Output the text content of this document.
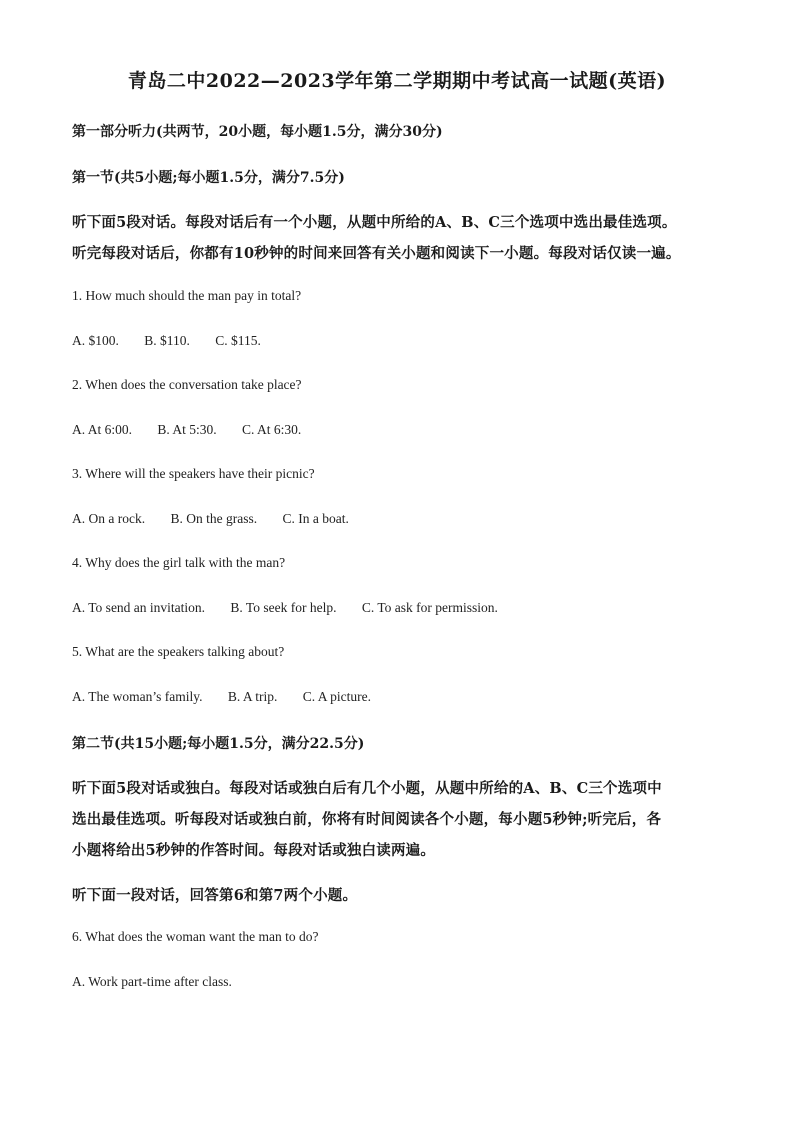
青岛二中2022—2023学年第二学期期中考试高一试题(英语)

第一部分听力(共两节，20小题，每小题1.5分，满分30分)

第一节(共5小题;每小题1.5分，满分7.5分)

听下面5段对话。每段对话后有一个小题，从题中所给的A、B、C三个选项中选出最佳选项。

听完每段对话后，你都有10秒钟的时间来回答有关小题和阅读下一小题。每段对话仅读一遍。

1. How much should the man pay in total?

A. $100. B. $110. C. $115.

2. When does the conversation take place?

A. At 6:00. B. At 5:30. C. At 6:30.

3. Where will the speakers have their picnic?

A. On a rock. B. On the grass. C. In a boat.

4. Why does the girl talk with the man?

A. To send an invitation. B. To seek for help. C. To ask for permission.

5. What are the speakers talking about?

A. The woman’s family. B. A trip. C. A picture.

第二节(共15小题;每小题1.5分，满分22.5分)

听下面5段对话或独白。每段对话或独白后有几个小题，从题中所给的A、B、C三个选项中

选出最佳选项。听每段对话或独白前，你将有时间阅读各个小题，每小题5秒钟;听完后，各

小题将给出5秒钟的作答时间。每段对话或独白读两遍。

听下面一段对话，回答第6和第7两个小题。

6. What does the woman want the man to do?

A. Work part-time after class.
